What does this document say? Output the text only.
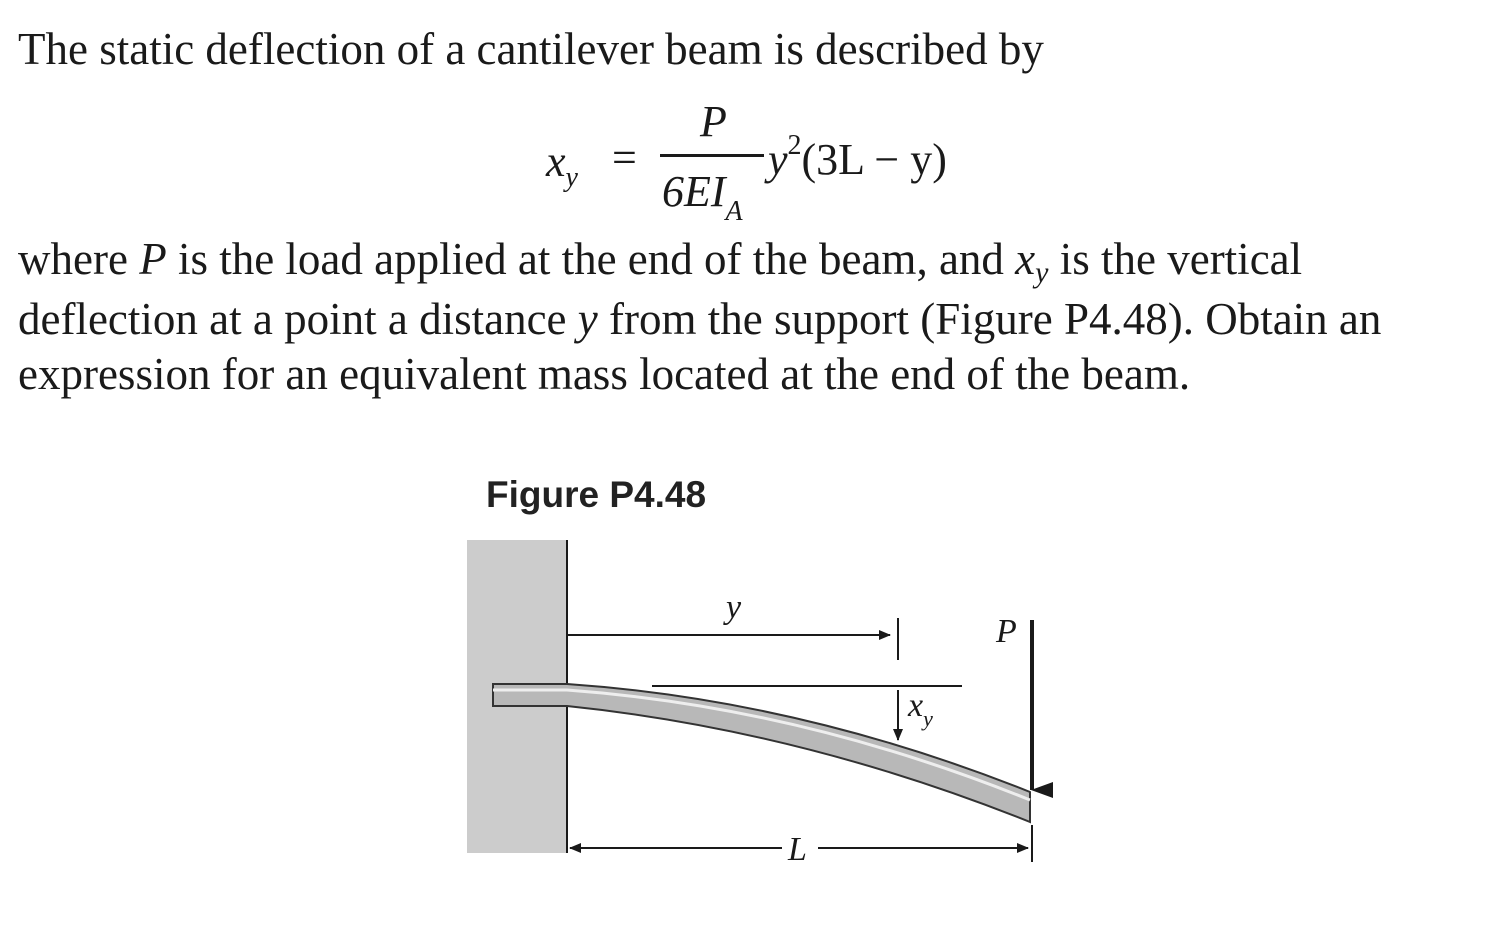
The static deflection of a cantilever beam is described by
$x_y$ =
P
$6EI_A$
$y^2(3L - y)$
where P is the load applied at the end of the beam, and xy is the vertical
deflection at a point a distance y from the support (Figure P4.48). Obtain an
expression for an equivalent mass located at the end of the beam.
Figure P4.48
y
$x_y$
P
L
